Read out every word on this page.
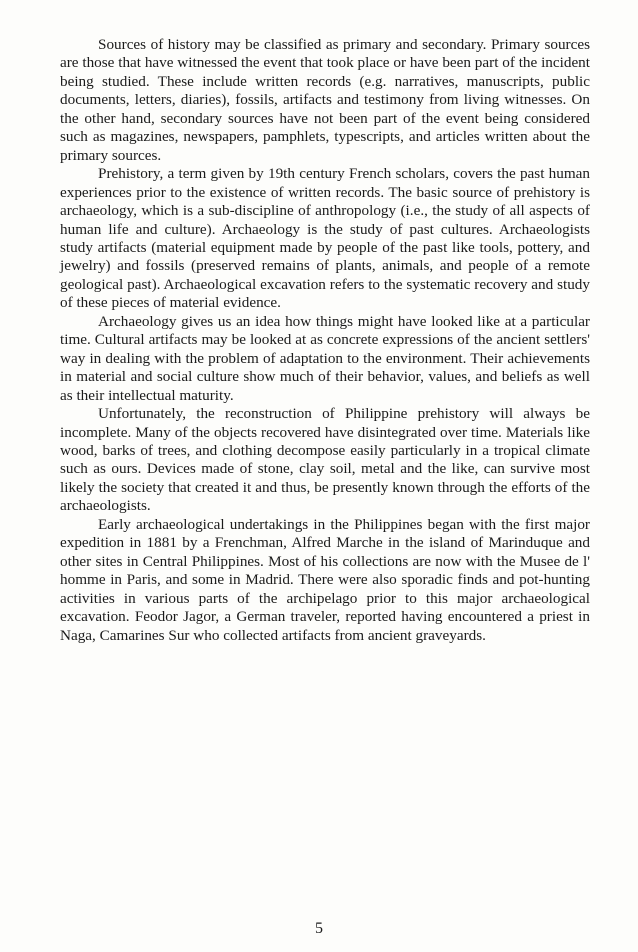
Sources of history may be classified as primary and secondary. Primary sources are those that have witnessed the event that took place or have been part of the incident being studied. These include written records (e.g. narratives, manuscripts, public documents, letters, diaries), fossils, artifacts and testimony from living witnesses. On the other hand, secondary sources have not been part of the event being considered such as magazines, newspapers, pamphlets, typescripts, and articles written about the primary sources.

Prehistory, a term given by 19th century French scholars, covers the past human experiences prior to the existence of written records. The basic source of prehistory is archaeology, which is a sub-discipline of anthropology (i.e., the study of all aspects of human life and culture). Archaeology is the study of past cultures. Archaeologists study artifacts (material equipment made by people of the past like tools, pottery, and jewelry) and fossils (preserved remains of plants, animals, and people of a remote geological past). Archaeological excavation refers to the systematic recovery and study of these pieces of material evidence.

Archaeology gives us an idea how things might have looked like at a particular time. Cultural artifacts may be looked at as concrete expressions of the ancient settlers' way in dealing with the problem of adaptation to the environment. Their achievements in material and social culture show much of their behavior, values, and beliefs as well as their intellectual maturity.

Unfortunately, the reconstruction of Philippine prehistory will always be incomplete. Many of the objects recovered have disintegrated over time. Materials like wood, barks of trees, and clothing decompose easily particularly in a tropical climate such as ours. Devices made of stone, clay soil, metal and the like, can survive most likely the society that created it and thus, be presently known through the efforts of the archaeologists.

Early archaeological undertakings in the Philippines began with the first major expedition in 1881 by a Frenchman, Alfred Marche in the island of Marinduque and other sites in Central Philippines. Most of his collections are now with the Musee de l' homme in Paris, and some in Madrid. There were also sporadic finds and pot-hunting activities in various parts of the archipelago prior to this major archaeological excavation. Feodor Jagor, a German traveler, reported having encountered a priest in Naga, Camarines Sur who collected artifacts from ancient graveyards.

5
